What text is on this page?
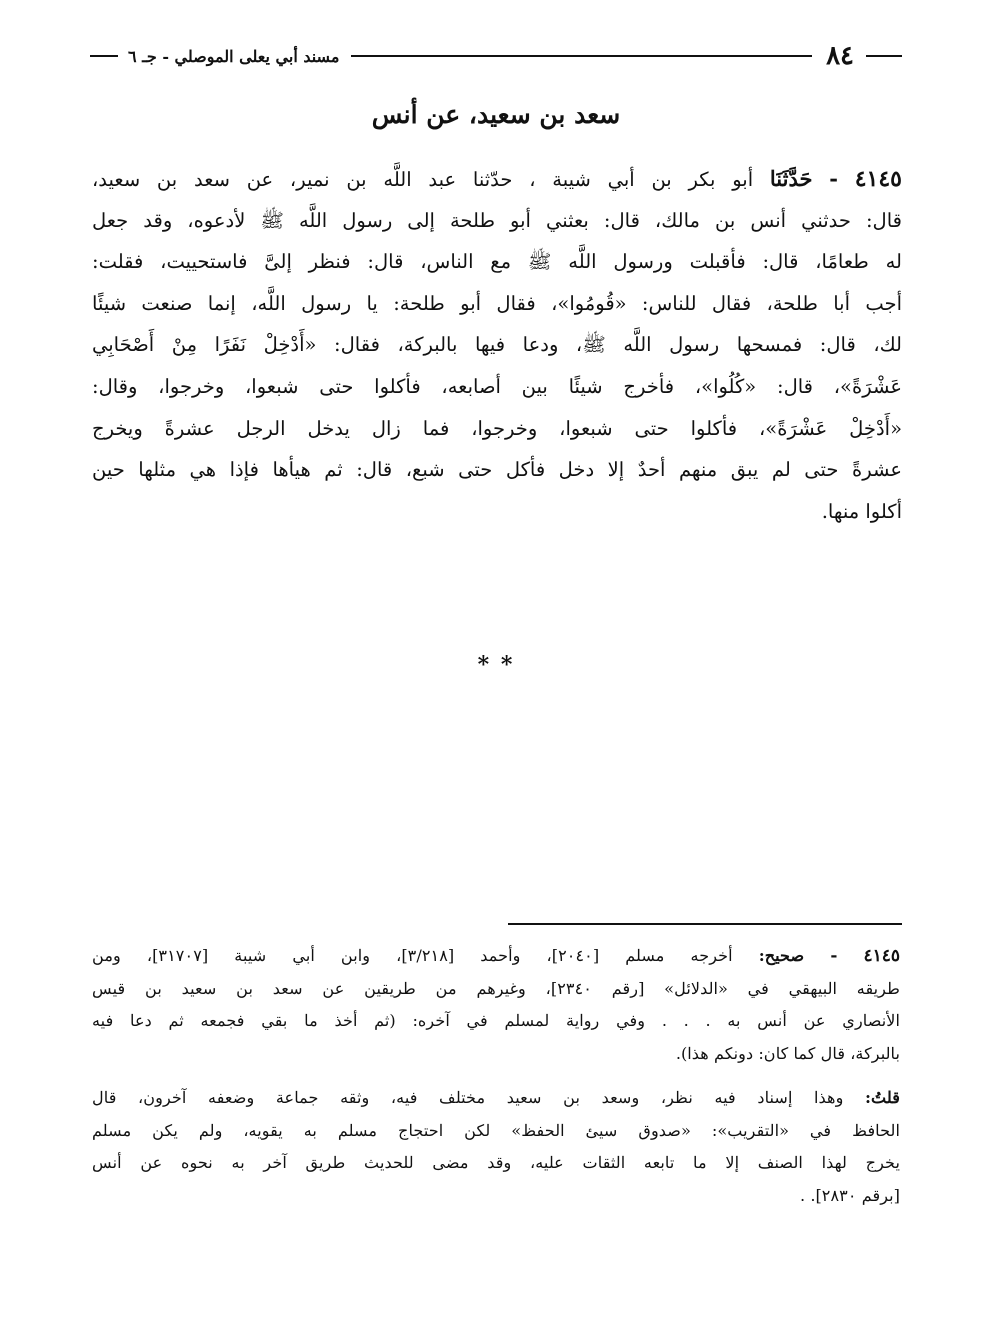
٨٤
مسند أبي يعلى الموصلي - جـ ٦
سعد بن سعيد، عن أنس
٤١٤٥ - حَدَّثَنَا أبو بكر بن أبي شيبة ، حدّثنا عبد اللَّه بن نمير، عن سعد بن سعيد،
قال: حدثني أنس بن مالك، قال: بعثني أبو طلحة إلى رسول اللَّه ﷺ لأدعوه، وقد جعل
له طعامًا، قال: فأقبلت ورسول اللَّه ﷺ مع الناس، قال: فنظر إلىَّ فاستحييت، فقلت:
أجب أبا طلحة، فقال للناس: «قُومُوا»، فقال أبو طلحة: يا رسول اللَّه، إنما صنعت شيئًا
لك، قال: فمسحها رسول اللَّه ﷺ، ودعا فيها بالبركة، فقال: «أَدْخِلْ نَفَرًا مِنْ أَصْحَابِي
عَشْرَةً»، قال: «كُلُوا»، فأخرج شيئًا بين أصابعه، فأكلوا حتى شبعوا، وخرجوا، وقال:
«أَدْخِلْ عَشْرَةً»، فأكلوا حتى شبعوا، وخرجوا، فما زال يدخل الرجل عشرةً ويخرج
عشرةً حتى لم يبق منهم أحدٌ إلا دخل فأكل حتى شبع، قال: ثم هيأها فإذا هي مثلها حين
أكلوا منها.
* *
٤١٤٥ - صحيح: أخرجه مسلم [٢٠٤٠]، وأحمد [٣/٢١٨]، وابن أبي شيبة [٣١٧٠٧]، ومن
طريقه البيهقي في «الدلائل» [رقم ٢٣٤٠]، وغيرهم من طريقين عن سعد بن سعيد بن قيس
الأنصاري عن أنس به . . . وفي رواية لمسلم في آخره: (ثم أخذ ما بقي فجمعه ثم دعا فيه
بالبركة، قال كما كان: دونكم هذا).
قلتُ: وهذا إسناد فيه نظر، وسعد بن سعيد مختلف فيه، وثقه جماعة وضعفه آخرون، قال
الحافظ في «التقريب»: «صدوق سيئ الحفظ» لكن احتجاج مسلم به يقويه، ولم يكن مسلم
يخرج لهذا الصنف إلا ما تابعه الثقات عليه، وقد مضى للحديث طريق آخر به نحوه عن أنس
[برقم ٢٨٣٠]. .
